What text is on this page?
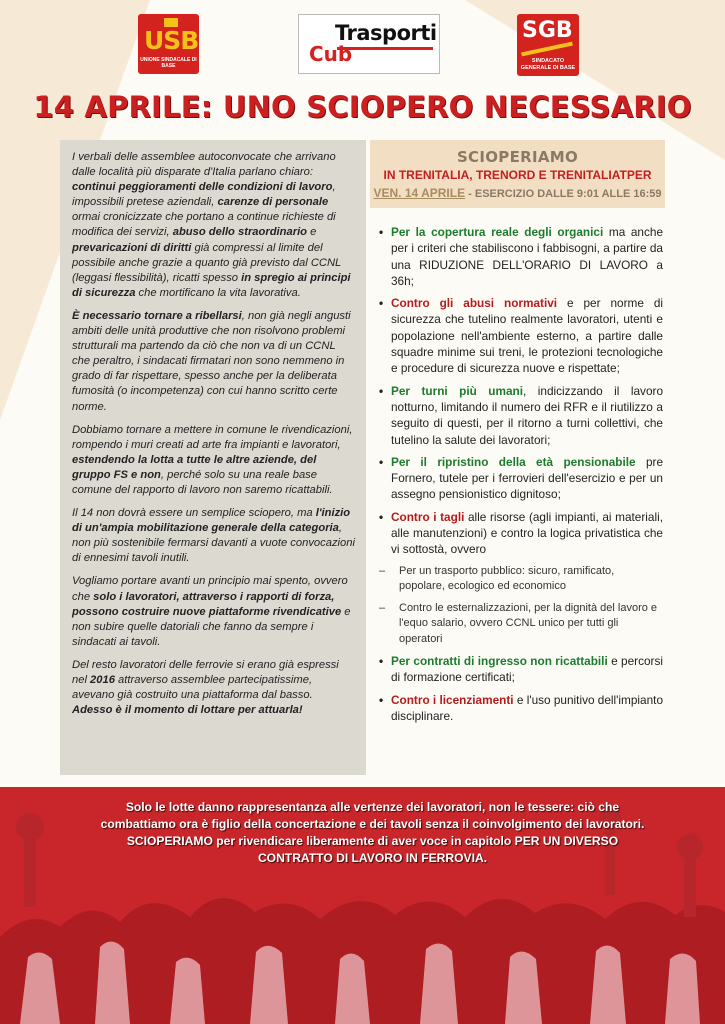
USB
UNIONE SINDACALE DI BASE
Trasporti
Cub
SGB
SINDACATO GENERALE DI BASE
14 APRILE: UNO SCIOPERO NECESSARIO

I verbali delle assemblee autoconvocate che arrivano dalle località più disparate d'Italia parlano chiaro: continui peggioramenti delle condizioni di lavoro, impossibili pretese aziendali, carenze di personale ormai cronicizzate che portano a continue richieste di modifica dei servizi, abuso dello straordinario e prevaricazioni di diritti già compressi al limite del possibile anche grazie a quanto già previsto dal CCNL (leggasi flessibilità), ricatti spesso in spregio ai principi di sicurezza che mortificano la vita lavorativa.

È necessario tornare a ribellarsi, non già negli angusti ambiti delle unità produttive che non risolvono problemi strutturali ma partendo da ciò che non va di un CCNL che peraltro, i sindacati firmatari non sono nemmeno in grado di far rispettare, spesso anche per la deliberata fumosità (o incompetenza) con cui hanno scritto certe norme.

Dobbiamo tornare a mettere in comune le rivendicazioni, rompendo i muri creati ad arte fra impianti e lavoratori, estendendo la lotta a tutte le altre aziende, del gruppo FS e non, perché solo su una reale base comune del rapporto di lavoro non saremo ricattabili.

Il 14 non dovrà essere un semplice sciopero, ma l'inizio di un'ampia mobilitazione generale della categoria, non più sostenibile fermarsi davanti a vuote convocazioni di ennesimi tavoli inutili.

Vogliamo portare avanti un principio mai spento, ovvero che solo i lavoratori, attraverso i rapporti di forza, possono costruire nuove piattaforme rivendicative e non subire quelle datoriali che fanno da sempre i sindacati ai tavoli.

Del resto lavoratori delle ferrovie si erano già espressi nel 2016 attraverso assemblee partecipatissime, avevano già costruito una piattaforma dal basso. Adesso è il momento di lottare per attuarla!

SCIOPERIAMO
IN TRENITALIA, TRENORD E TRENITALIATPER
VEN. 14 APRILE - ESERCIZIO DALLE 9:01 ALLE 16:59
• Per la copertura reale degli organici ma anche per i criteri che stabiliscono i fabbisogni, a partire da una RIDUZIONE DELL'ORARIO DI LAVORO a 36h;
• Contro gli abusi normativi e per norme di sicurezza che tutelino realmente lavoratori, utenti e popolazione nell'ambiente esterno, a partire dalle squadre minime sui treni, le protezioni tecnologiche e procedure di sicurezza nuove e rispettate;
• Per turni più umani, indicizzando il lavoro notturno, limitando il numero dei RFR e il riutilizzo a seguito di questi, per il ritorno a turni collettivi, che tutelino la salute dei lavoratori;
• Per il ripristino della età pensionabile pre Fornero, tutele per i ferrovieri dell'esercizio e per un assegno pensionistico dignitoso;
• Contro i tagli alle risorse (agli impianti, ai materiali, alle manutenzioni) e contro la logica privatistica che vi sottostà, ovvero
– Per un trasporto pubblico: sicuro, ramificato, popolare, ecologico ed economico
– Contro le esternalizzazioni, per la dignità del lavoro e l'equo salario, ovvero CCNL unico per tutti gli operatori
• Per contratti di ingresso non ricattabili e percorsi di formazione certificati;
• Contro i licenziamenti e l'uso punitivo dell'impianto disciplinare.
Solo le lotte danno rappresentanza alle vertenze dei lavoratori, non le tessere: ciò che combattiamo ora è figlio della concertazione e dei tavoli senza il coinvolgimento dei lavoratori. SCIOPERIAMO per rivendicare liberamente di aver voce in capitolo PER UN DIVERSO CONTRATTO DI LAVORO IN FERROVIA.
